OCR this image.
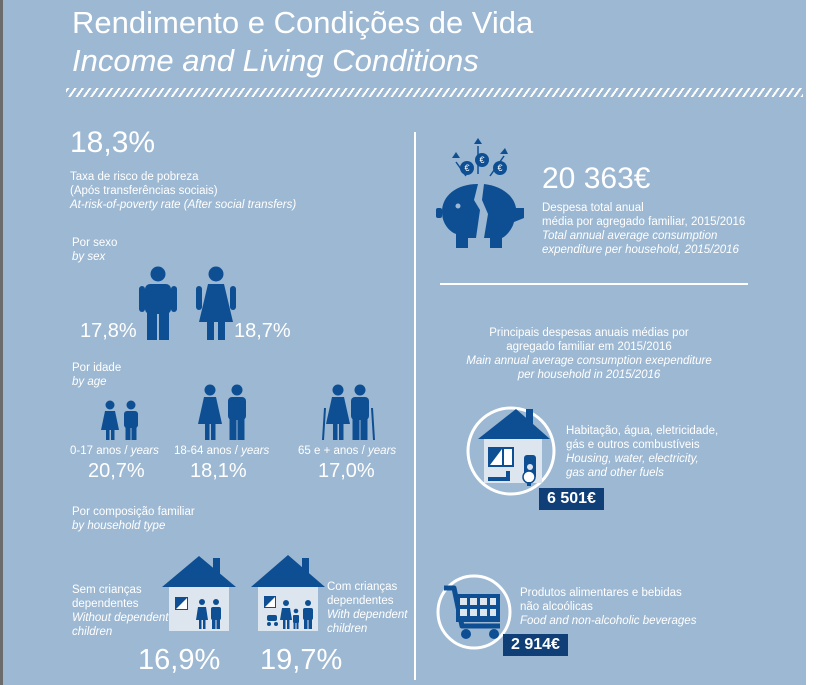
Rendimento e Condições de Vida
Income and Living Conditions
18,3%
Taxa de risco de pobreza
(Após transferências sociais)
At-risk-of-poverty rate (After social transfers)
Por sexo
by sex
17,8%	18,7%
Por idade
by age
0-17 anos / years 18-64 anos / years 65 e + anos / years
20,7% 18,1%	17,0%
Por composição familiar
by household type
Sem crianças
dependentes
Without dependent
children
Com crianças
dependentes
With dependent
children
16,9% 19,7%
€
€
€ 20 363€
Despesa total anual
média por agregado familiar, 2015/2016
Total annual average consumption
expenditure per household, 2015/2016
Principais despesas anuais médias por
agregado familiar em 2015/2016
Main annual average consumption exependiture
per household in 2015/2016
Habitação, água, eletricidade,
gás e outros combustíveis
Housing, water, electricity,
gas and other fuels
6 501€
Produtos alimentares e bebidas
não alcoólicas
Food and non-alcoholic beverages
2 914€
